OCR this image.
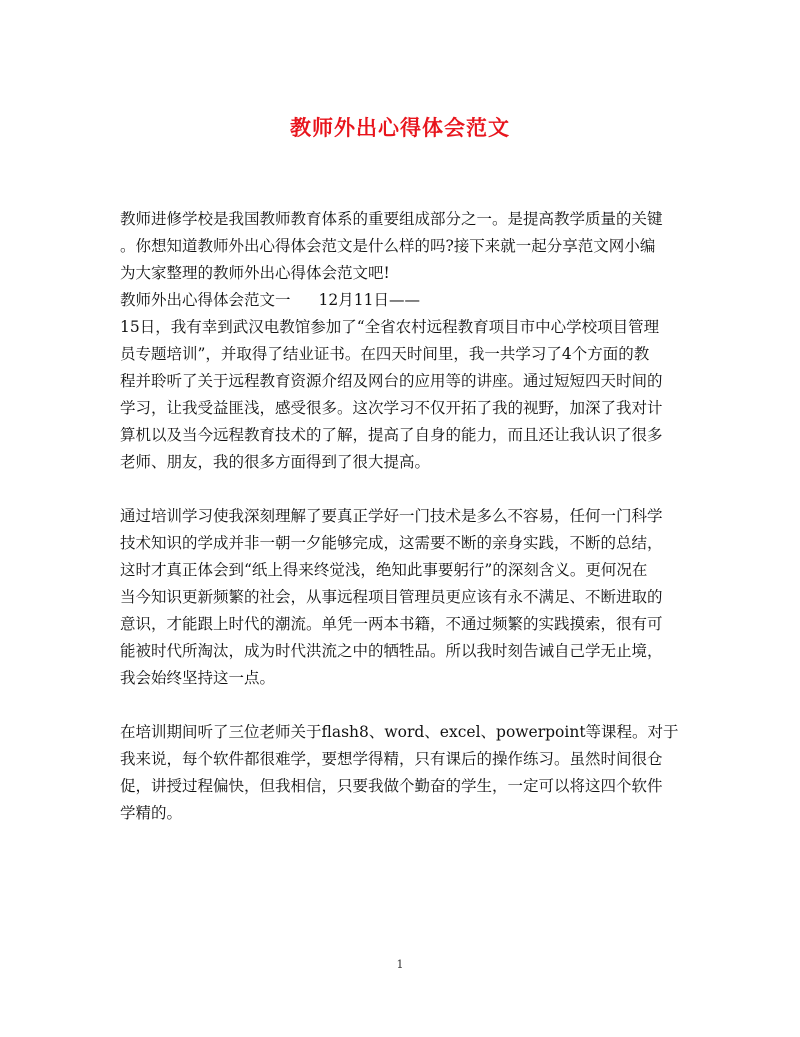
教师外出心得体会范文
教师进修学校是我国教师教育体系的重要组成部分之一。是提高教学质量的关键
。你想知道教师外出心得体会范文是什么样的吗?接下来就一起分享范文网小编
为大家整理的教师外出心得体会范文吧!
教师外出心得体会范文一 12月11日——
15日，我有幸到武汉电教馆参加了“全省农村远程教育项目市中心学校项目管理
员专题培训”，并取得了结业证书。在四天时间里，我一共学习了4个方面的教
程并聆听了关于远程教育资源介绍及网台的应用等的讲座。通过短短四天时间的
学习，让我受益匪浅，感受很多。这次学习不仅开拓了我的视野，加深了我对计
算机以及当今远程教育技术的了解，提高了自身的能力，而且还让我认识了很多
老师、朋友，我的很多方面得到了很大提高。
通过培训学习使我深刻理解了要真正学好一门技术是多么不容易，任何一门科学
技术知识的学成并非一朝一夕能够完成，这需要不断的亲身实践，不断的总结，
这时才真正体会到“纸上得来终觉浅，绝知此事要躬行”的深刻含义。更何况在
当今知识更新频繁的社会，从事远程项目管理员更应该有永不满足、不断进取的
意识，才能跟上时代的潮流。单凭一两本书籍，不通过频繁的实践摸索，很有可
能被时代所淘汰，成为时代洪流之中的牺牲品。所以我时刻告诫自己学无止境，
我会始终坚持这一点。
在培训期间听了三位老师关于flash8、word、excel、powerpoint等课程。对于
我来说，每个软件都很难学，要想学得精，只有课后的操作练习。虽然时间很仓
促，讲授过程偏快，但我相信，只要我做个勤奋的学生，一定可以将这四个软件
学精的。
1
